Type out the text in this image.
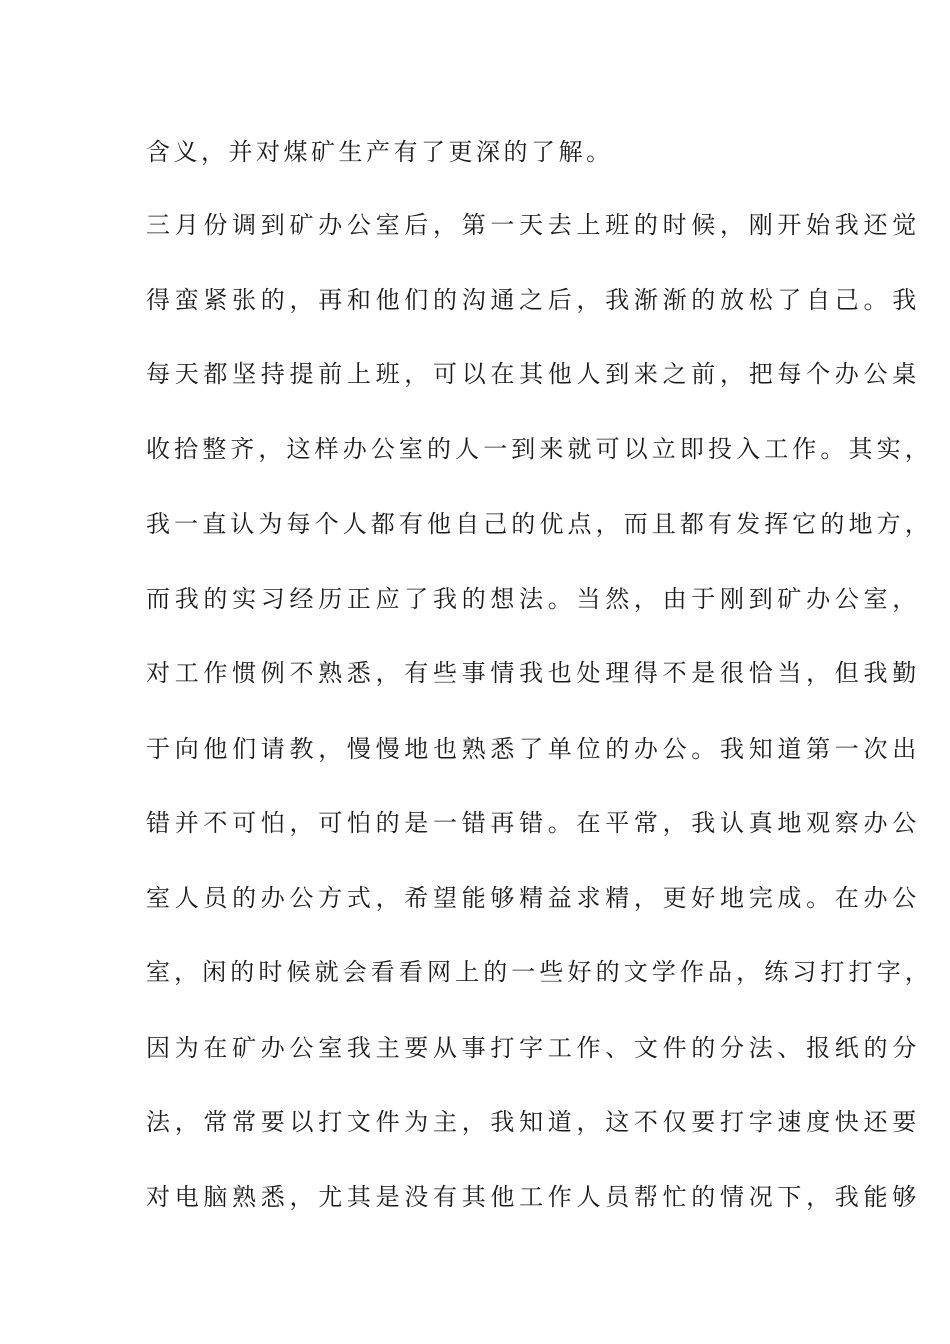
含义，并对煤矿生产有了更深的了解。

三月份调到矿办公室后，第一天去上班的时候，刚开始我还觉

得蛮紧张的，再和他们的沟通之后，我渐渐的放松了自己。我

每天都坚持提前上班，可以在其他人到来之前，把每个办公桌

收拾整齐，这样办公室的人一到来就可以立即投入工作。其实，

我一直认为每个人都有他自己的优点，而且都有发挥它的地方，

而我的实习经历正应了我的想法。当然，由于刚到矿办公室，

对工作惯例不熟悉，有些事情我也处理得不是很恰当，但我勤

于向他们请教，慢慢地也熟悉了单位的办公。我知道第一次出

错并不可怕，可怕的是一错再错。在平常，我认真地观察办公

室人员的办公方式，希望能够精益求精，更好地完成。在办公

室，闲的时候就会看看网上的一些好的文学作品，练习打打字，

因为在矿办公室我主要从事打字工作、文件的分法、报纸的分

法，常常要以打文件为主，我知道，这不仅要打字速度快还要

对电脑熟悉，尤其是没有其他工作人员帮忙的情况下，我能够
